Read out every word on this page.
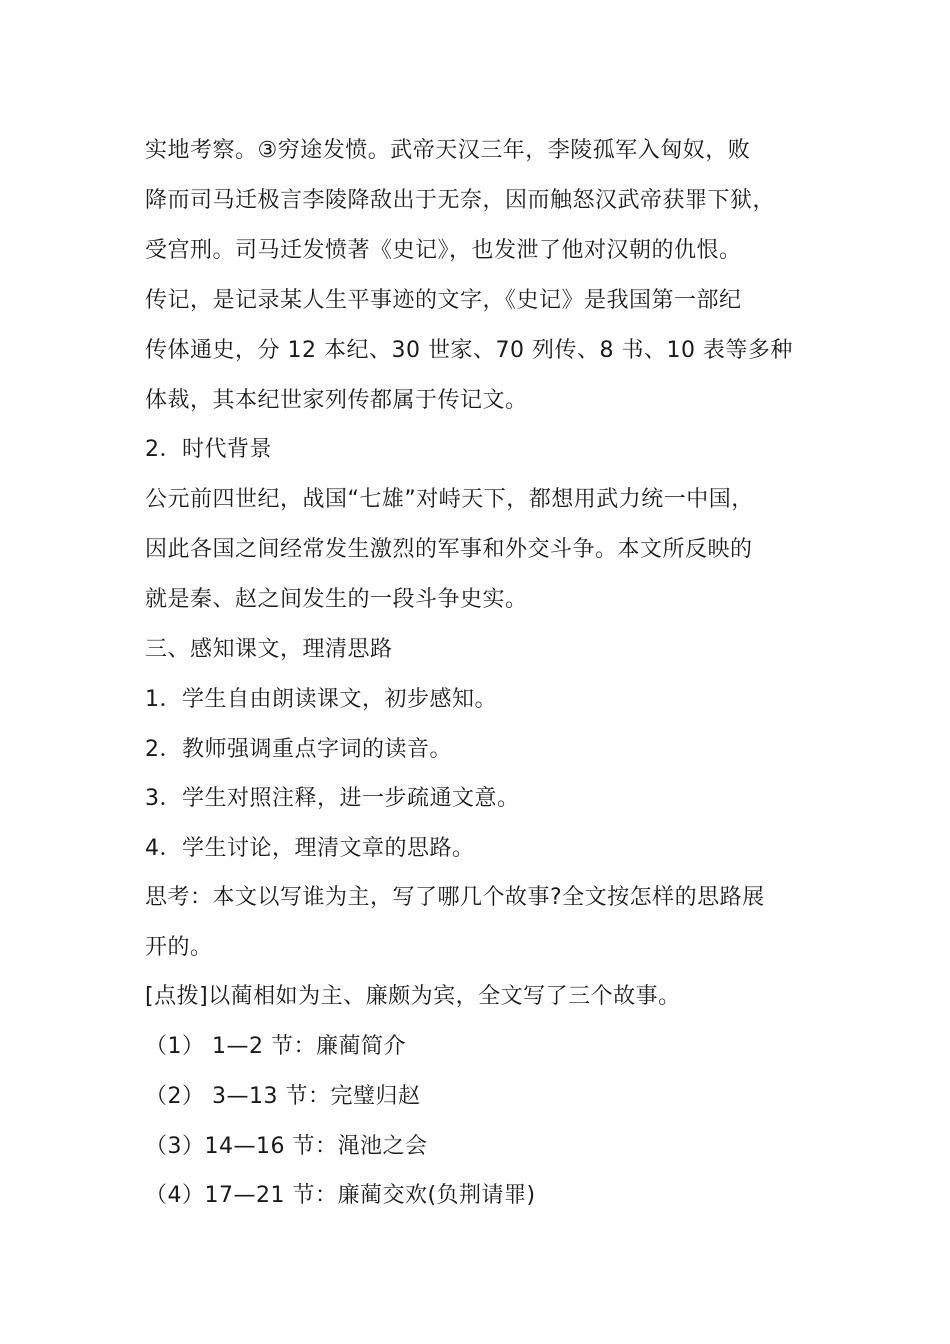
实地考察。③穷途发愤。武帝天汉三年，李陵孤军入匈奴，败
降而司马迁极言李陵降敌出于无奈，因而触怒汉武帝获罪下狱，
受宫刑。司马迁发愤著《史记》，也发泄了他对汉朝的仇恨。
传记，是记录某人生平事迹的文字，《史记》是我国第一部纪
传体通史，分 12 本纪、30 世家、70 列传、8 书、10 表等多种
体裁，其本纪世家列传都属于传记文。
2．时代背景
公元前四世纪，战国“七雄”对峙天下，都想用武力统一中国，
因此各国之间经常发生激烈的军事和外交斗争。本文所反映的
就是秦、赵之间发生的一段斗争史实。
三、感知课文，理清思路
1．学生自由朗读课文，初步感知。
2．教师强调重点字词的读音。
3．学生对照注释，进一步疏通文意。
4．学生讨论，理清文章的思路。
思考：本文以写谁为主，写了哪几个故事?全文按怎样的思路展
开的。
[点拨]以蔺相如为主、廉颇为宾，全文写了三个故事。
（1） 1—2 节：廉蔺简介
（2） 3—13 节：完璧归赵
（3）14—16 节：渑池之会
（4）17—21 节：廉蔺交欢(负荆请罪)
